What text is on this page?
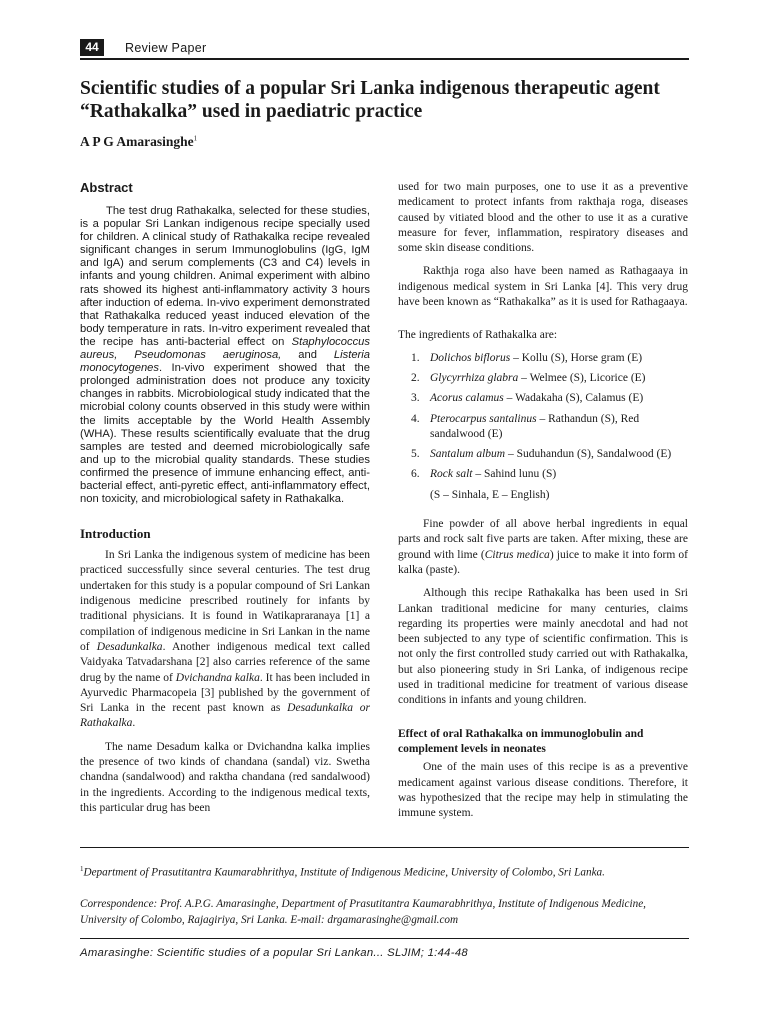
44	Review Paper
Scientific studies of a popular Sri Lanka indigenous therapeutic agent “Rathakalka” used in paediatric practice
A P G Amarasinghe$^1$
Abstract

The test drug Rathakalka, selected for these studies, is a popular Sri Lankan indigenous recipe specially used for children. A clinical study of Rathakalka recipe revealed significant changes in serum Immunoglobulins (IgG, IgM and IgA) and serum complements (C3 and C4) levels in infants and young children. Animal experiment with albino rats showed its highest anti-inflammatory activity 3 hours after induction of edema. In-vivo experiment demonstrated that Rathakalka reduced yeast induced elevation of the body temperature in rats. In-vitro experiment revealed that the recipe has anti-bacterial effect on Staphylococcus aureus, Pseudomonas aeruginosa, and Listeria monocytogenes. In-vivo experiment showed that the prolonged administration does not produce any toxicity changes in rabbits. Microbiological study indicated that the microbial colony counts observed in this study were within the limits acceptable by the World Health Assembly (WHA). These results scientifically evaluate that the drug samples are tested and deemed microbiologically safe and up to the microbial quality standards. These studies confirmed the presence of immune enhancing effect, anti-bacterial effect, anti-pyretic effect, anti-inflammatory effect, non toxicity, and microbiological safety in Rathakalka.

Introduction

In Sri Lanka the indigenous system of medicine has been practiced successfully since several centuries. The test drug undertaken for this study is a popular compound of Sri Lankan indigenous medicine prescribed routinely for infants by traditional physicians. It is found in Watikapraranaya [1] a compilation of indigenous medicine in Sri Lankan in the name of Desadunkalka. Another indigenous medical text called Vaidyaka Tatvadarshana [2] also carries reference of the same drug by the name of Dvichandna kalka. It has been included in Ayurvedic Pharmacopeia [3] published by the government of Sri Lanka in the recent past known as Desadunkalka or Rathakalka.

The name Desadum kalka or Dvichandna kalka implies the presence of two kinds of chandana (sandal) viz. Swetha chandna (sandalwood) and raktha chandana (red sandalwood) in the ingredients. According to the indigenous medical texts, this particular drug has been

used for two main purposes, one to use it as a preventive medicament to protect infants from rakthaja roga, diseases caused by vitiated blood and the other to use it as a curative measure for fever, inflammation, respiratory diseases and some skin disease conditions.

Rakthja roga also have been named as Rathagaaya in indigenous medical system in Sri Lanka [4]. This very drug have been known as “Rathakalka” as it is used for Rathagaaya.

The ingredients of Rathakalka are:

1. Dolichos biflorus – Kollu (S), Horse gram (E)
2. Glycyrrhiza glabra – Welmee (S), Licorice (E)
3. Acorus calamus – Wadakaha (S), Calamus (E)
4. Pterocarpus santalinus – Rathandun (S), Red sandalwood (E)
5. Santalum album – Suduhandun (S), Sandalwood (E)
6. Rock salt – Sahind lunu (S)
(S – Sinhala, E – English)

Fine powder of all above herbal ingredients in equal parts and rock salt five parts are taken. After mixing, these are ground with lime (Citrus medica) juice to make it into form of kalka (paste).

Although this recipe Rathakalka has been used in Sri Lankan traditional medicine for many centuries, claims regarding its properties were mainly anecdotal and had not been subjected to any type of scientific confirmation. This is not only the first controlled study carried out with Rathakalka, but also pioneering study in Sri Lanka, of indigenous recipe used in traditional medicine for treatment of various disease conditions in infants and young children.

Effect of oral Rathakalka on immunoglobulin and complement levels in neonates

One of the main uses of this recipe is as a preventive medicament against various disease conditions. Therefore, it was hypothesized that the recipe may help in stimulating the immune system.

$^1$Department of Prasutitantra Kaumarabhrithya, Institute of Indigenous Medicine, University of Colombo, Sri Lanka.

Correspondence: Prof. A.P.G. Amarasinghe, Department of Prasutitantra Kaumarabhrithya, Institute of Indigenous Medicine, University of Colombo, Rajagiriya, Sri Lanka. E-mail: drgamarasinghe@gmail.com

Amarasinghe: Scientific studies of a popular Sri Lankan... SLJIM; 1:44-48
